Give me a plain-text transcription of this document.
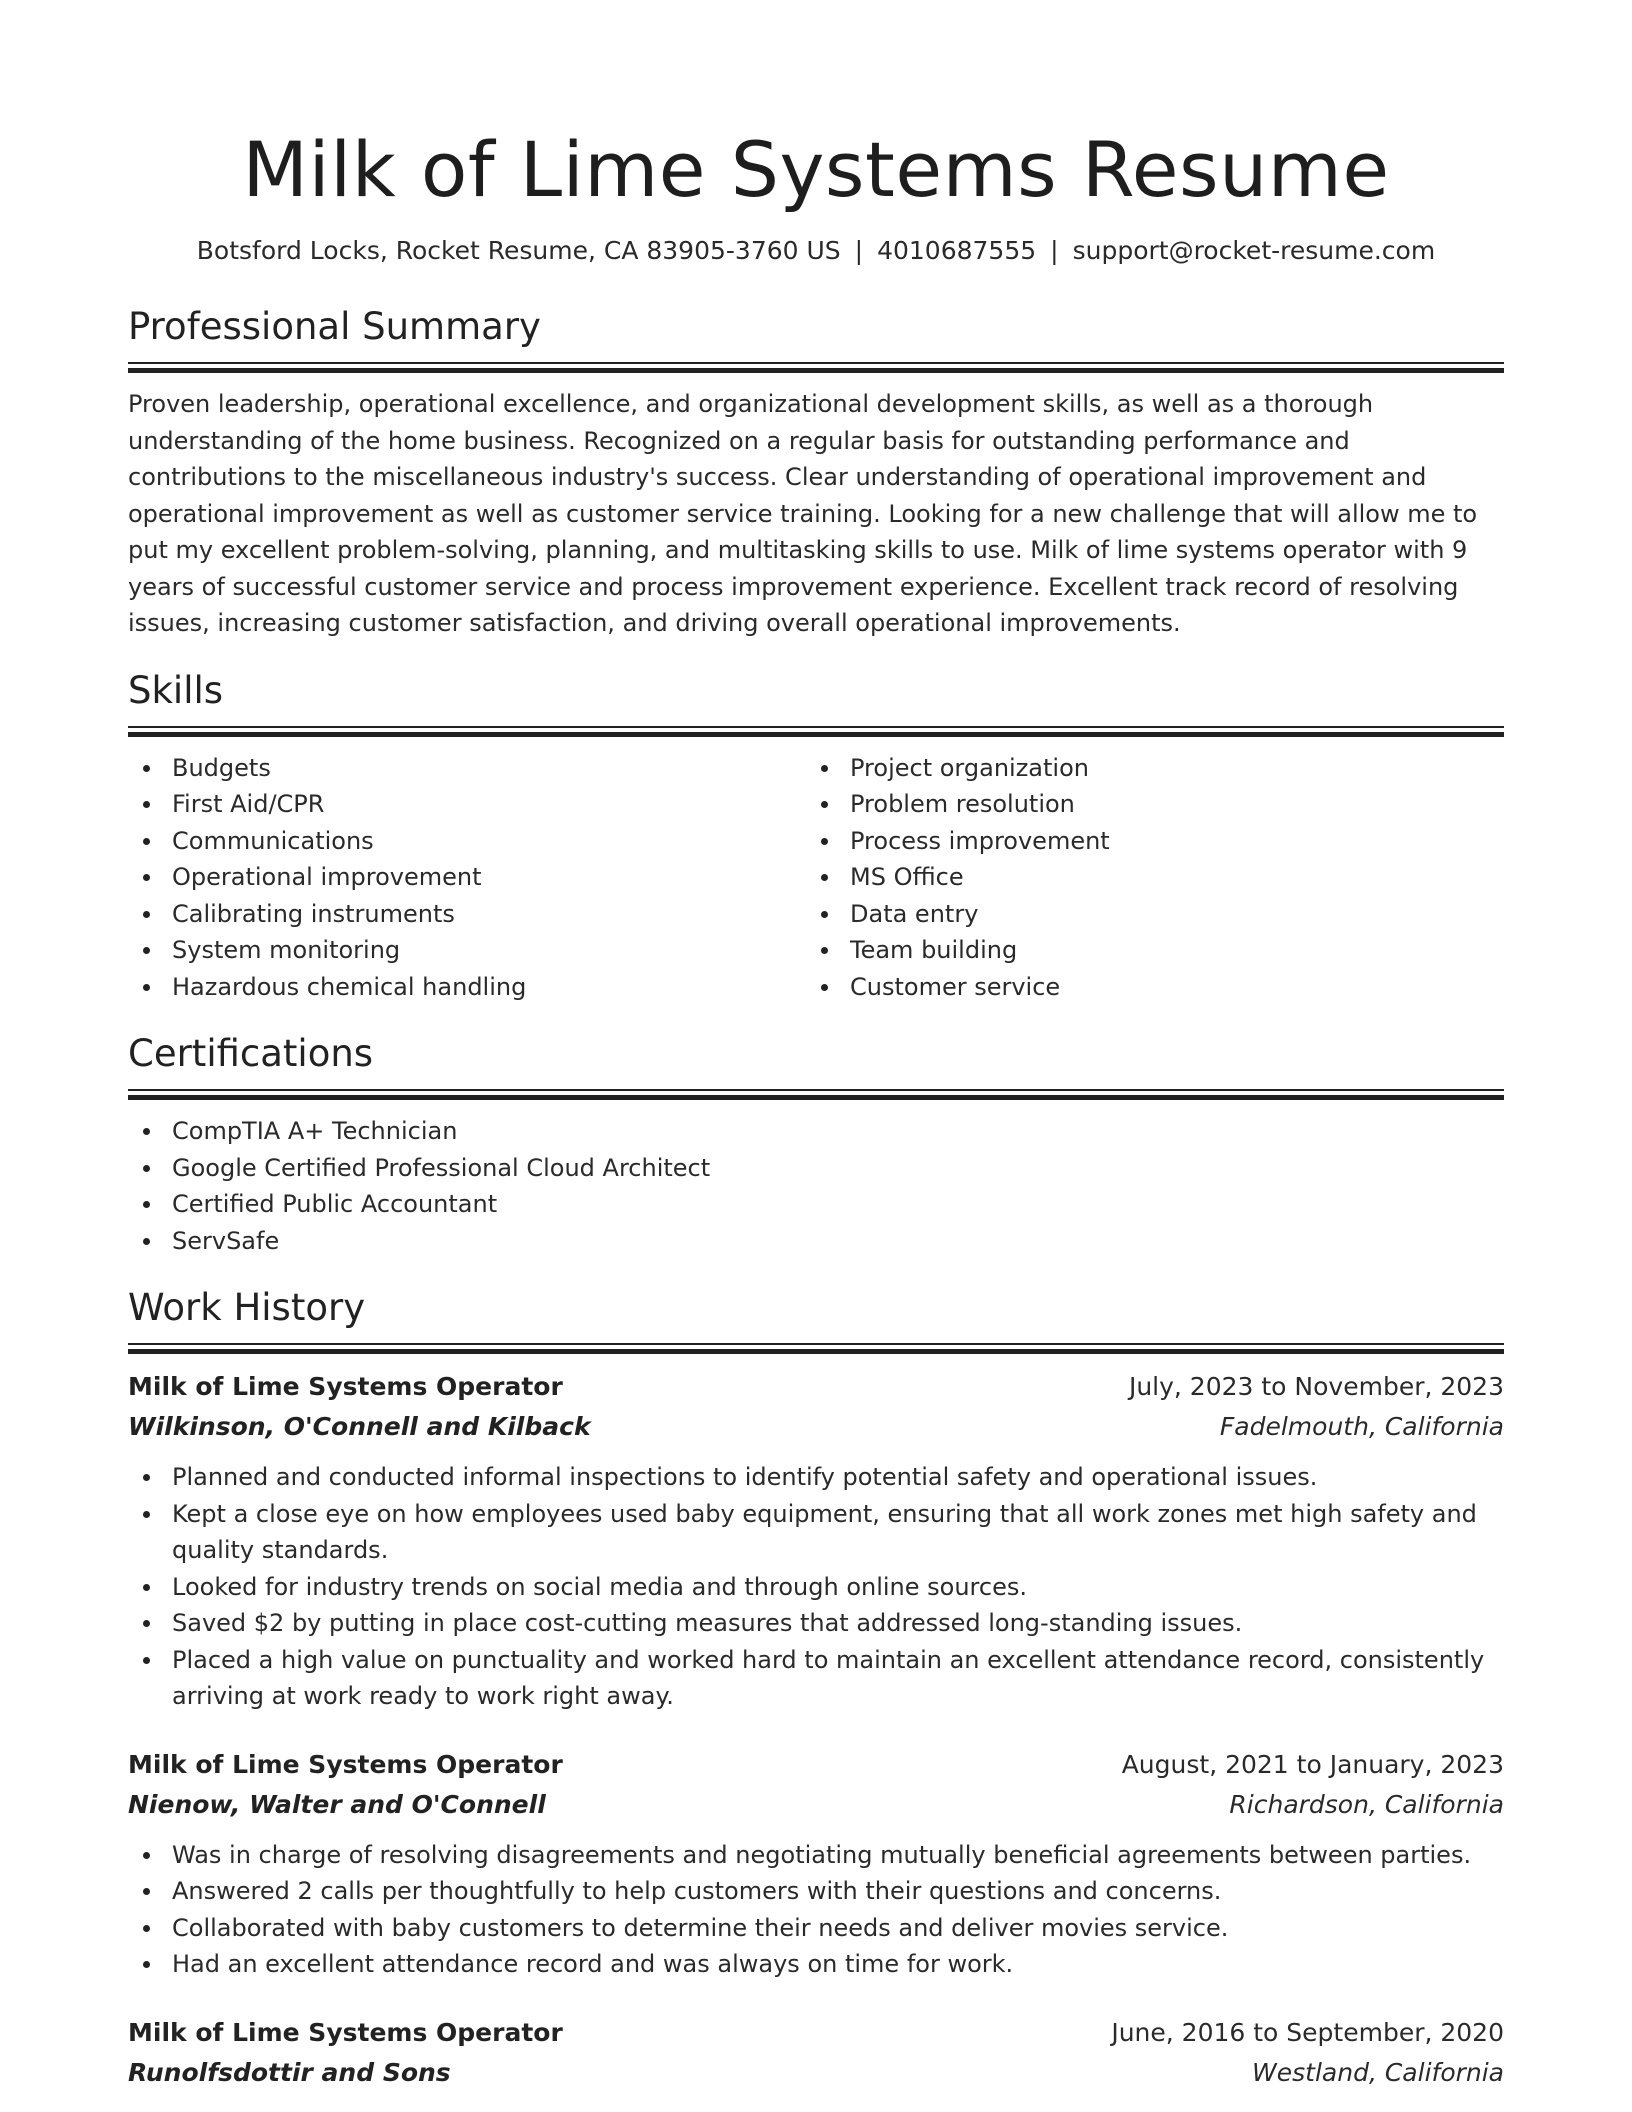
Milk of Lime Systems Resume
Botsford Locks, Rocket Resume, CA 83905-3760 US | 4010687555 | support@rocket-resume.com
Professional Summary

Proven leadership, operational excellence, and organizational development skills, as well as a thorough understanding of the home business. Recognized on a regular basis for outstanding performance and contributions to the miscellaneous industry's success. Clear understanding of operational improvement and operational improvement as well as customer service training. Looking for a new challenge that will allow me to put my excellent problem-solving, planning, and multitasking skills to use. Milk of lime systems operator with 9 years of successful customer service and process improvement experience. Excellent track record of resolving issues, increasing customer satisfaction, and driving overall operational improvements.

Skills
Budgets
First Aid/CPR
Communications
Operational improvement
Calibrating instruments
System monitoring
Hazardous chemical handling
Project organization
Problem resolution
Process improvement
MS Office
Data entry
Team building
Customer service
Certifications
CompTIA A+ Technician
Google Certified Professional Cloud Architect
Certified Public Accountant
ServSafe
Work History
Milk of Lime Systems Operator	July, 2023 to November, 2023
Wilkinson, O'Connell and Kilback	Fadelmouth, California
Planned and conducted informal inspections to identify potential safety and operational issues.
Kept a close eye on how employees used baby equipment, ensuring that all work zones met high safety and quality standards.
Looked for industry trends on social media and through online sources.
Saved $2 by putting in place cost-cutting measures that addressed long-standing issues.
Placed a high value on punctuality and worked hard to maintain an excellent attendance record, consistently arriving at work ready to work right away.
Milk of Lime Systems Operator	August, 2021 to January, 2023
Nienow, Walter and O'Connell	Richardson, California
Was in charge of resolving disagreements and negotiating mutually beneficial agreements between parties.
Answered 2 calls per thoughtfully to help customers with their questions and concerns.
Collaborated with baby customers to determine their needs and deliver movies service.
Had an excellent attendance record and was always on time for work.
Milk of Lime Systems Operator	June, 2016 to September, 2020
Runolfsdottir and Sons	Westland, California
